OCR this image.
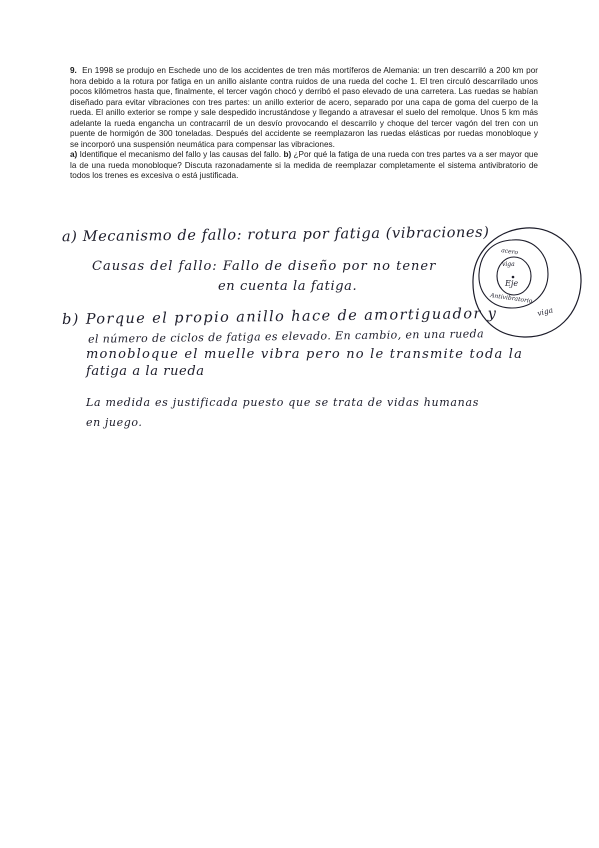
9. En 1998 se produjo en Eschede uno de los accidentes de tren más mortíferos de Alemania: un tren descarriló a 200 km por hora debido a la rotura por fatiga en un anillo aislante contra ruidos de una rueda del coche 1. El tren circuló descarrilado unos pocos kilómetros hasta que, finalmente, el tercer vagón chocó y derribó el paso elevado de una carretera. Las ruedas se habían diseñado para evitar vibraciones con tres partes: un anillo exterior de acero, separado por una capa de goma del cuerpo de la rueda. El anillo exterior se rompe y sale despedido incrustándose y llegando a atravesar el suelo del remolque. Unos 5 km más adelante la rueda engancha un contracarril de un desvío provocando el descarrilo y choque del tercer vagón del tren con un puente de hormigón de 300 toneladas. Después del accidente se reemplazaron las ruedas elásticas por ruedas monobloque y se incorporó una suspensión neumática para compensar las vibraciones.
a) Identifique el mecanismo del fallo y las causas del fallo. b) ¿Por qué la fatiga de una rueda con tres partes va a ser mayor que la de una rueda monobloque? Discuta razonadamente si la medida de reemplazar completamente el sistema antivibratorio de todos los trenes es excesiva o está justificada.

a) Mecanismo de fallo: rotura por fatiga (vibraciones)
Causas del fallo: Fallo de diseño por no tener
en cuenta la fatiga.
b) Porque el propio anillo hace de amortiguador y
el número de ciclos de fatiga es elevado. En cambio, en una rueda
monobloque el muelle vibra pero no le transmite toda la
fatiga a la rueda
La medida es justificada puesto que se trata de vidas humanas
en juego.
acero
viga
Eje
Antivibratorio
viga
